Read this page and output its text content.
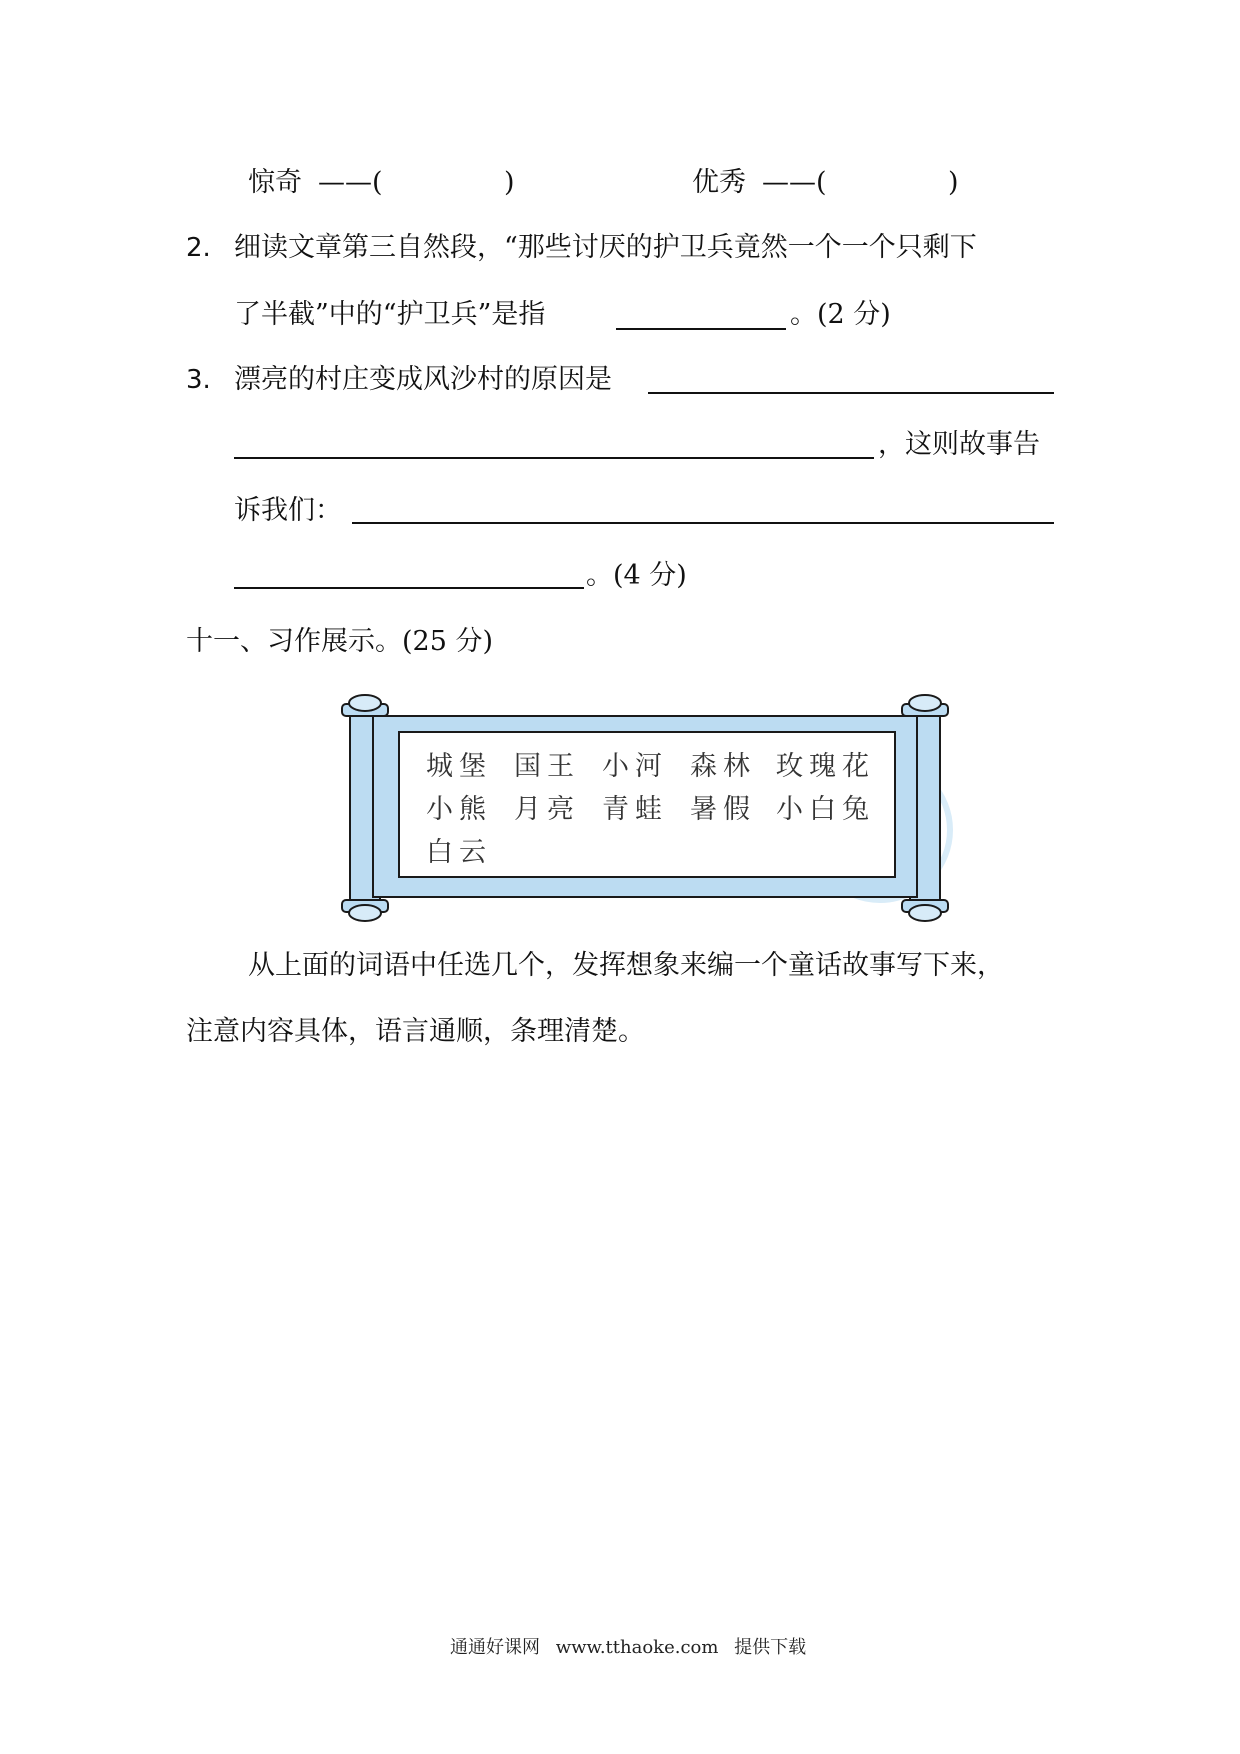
惊奇 ——(	)	优秀 ——(	)
2. 细读文章第三自然段，“那些讨厌的护卫兵竟然一个一个只剩下
了半截”中的“护卫兵”是指	。(2 分)
3. 漂亮的村庄变成风沙村的原因是
，这则故事告
诉我们：
。(4 分)
十一、习作展示。(25 分)
城堡 国王 小河 森林 玫瑰花
小熊 月亮 青蛙 暑假 小白兔
白云
从上面的词语中任选几个，发挥想象来编一个童话故事写下来，
注意内容具体，语言通顺，条理清楚。
通通好课网 www.tthaoke.com 提供下载
